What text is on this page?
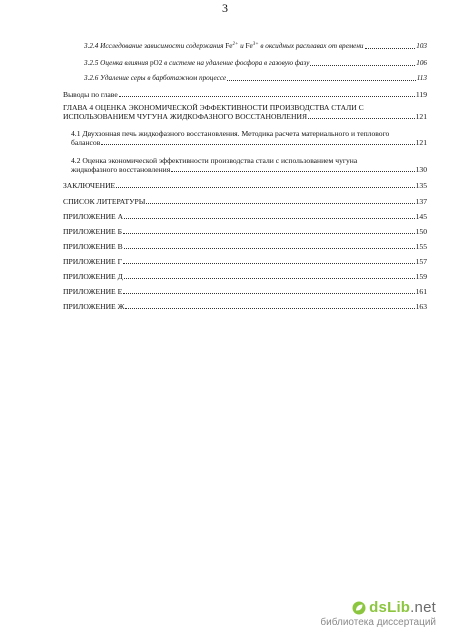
3
3.2.4 Исследование зависимости содержания $Fe^{2+}$ и $Fe^{3+}$ в оксидных расплавах от времени	103
3.2.5 Оценка влияния pO2 в системе на удаление фосфора в газовую фазу	106
3.2.6 Удаление серы в барботажном процессе	113
Выводы по главе	119
ГЛАВА 4 ОЦЕНКА ЭКОНОМИЧЕСКОЙ ЭФФЕКТИВНОСТИ ПРОИЗВОДСТВА СТАЛИ С
ИСПОЛЬЗОВАНИЕМ ЧУГУНА ЖИДКОФАЗНОГО ВОССТАНОВЛЕНИЯ	121
4.1 Двухзонная печь жидкофазного восстановления. Методика расчета материального и теплового
балансов	121
4.2 Оценка экономической эффективности производства стали с использованием чугуна
жидкофазного восстановления	130
ЗАКЛЮЧЕНИЕ	135
СПИСОК ЛИТЕРАТУРЫ	137
ПРИЛОЖЕНИЕ А	145
ПРИЛОЖЕНИЕ Б	150
ПРИЛОЖЕНИЕ В	155
ПРИЛОЖЕНИЕ Г	157
ПРИЛОЖЕНИЕ Д	159
ПРИЛОЖЕНИЕ Е	161
ПРИЛОЖЕНИЕ Ж	163
dsLib.net
библиотека диссертаций
